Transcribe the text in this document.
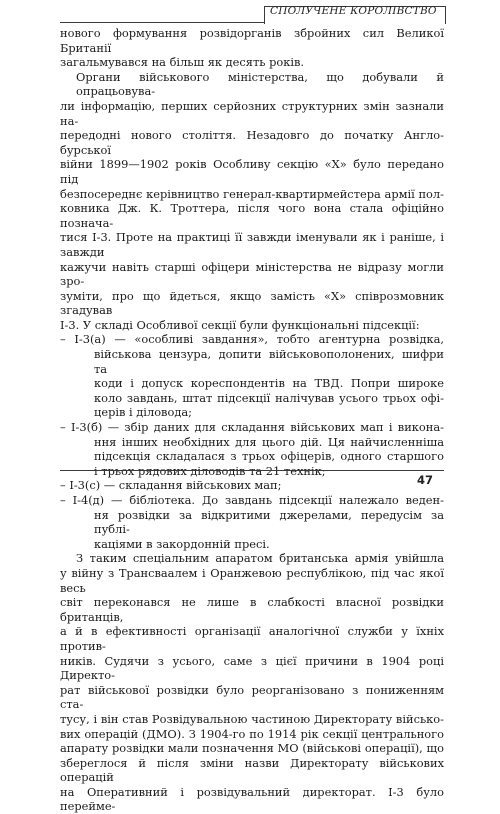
СПОЛУЧЕНЕ КОРОЛІВСТВО
нового формування розвідорганів збройних сил Великої Британії
загальмувався на більш як десять років.
Органи військового міністерства, що добували й опрацьовува-
ли інформацію, перших серйозних структурних змін зазнали на-
передодні нового століття. Незадовго до початку Англо-бурської
війни 1899—1902 років Особливу секцію «Х» було передано під
безпосереднє керівництво генерал-квартирмейстера армії пол-
ковника Дж. К. Троттера, після чого вона стала офіційно познача-
тися І-3. Проте на практиці її завжди іменували як і раніше, і завжди
кажучи навіть старші офіцери міністерства не відразу могли зро-
зуміти, про що йдеться, якщо замість «Х» співрозмовник згадував
І-3. У складі Особливої секції були функціональні підсекції:
– І-3(а) — «особливі завдання», тобто агентурна розвідка,
військова цензура, допити військовополонених, шифри та
коди і допуск кореспондентів на ТВД. Попри широке
коло завдань, штат підсекції налічував усього трьох офі-
церів і діловода;
– І-3(б) — збір даних для складання військових мап і викона-
ння інших необхідних для цього дій. Ця найчисленніша
підсекція складалася з трьох офіцерів, одного старшого
і трьох рядових діловодів та 21 технік;
– І-3(с) — складання військових мап;
– І-4(д) — бібліотека. До завдань підсекції належало веден-
ня розвідки за відкритими джерелами, передусім за публі-
каціями в закордонній пресі.
З таким спеціальним апаратом британська армія увійшла
у війну з Трансваалем і Оранжевою республікою, під час якої весь
світ переконався не лише в слабкості власної розвідки британців,
а й в ефективності організації аналогічної служби у їхніх против-
ників. Судячи з усього, саме з цієї причини в 1904 році Директо-
рат військової розвідки було реорганізовано з пониженням ста-
тусу, і він став Розвідувальною частиною Директорату військо-
вих операцій (ДМО). З 1904-го по 1914 рік секції центрального
апарату розвідки мали позначення МО (військові операції), що
збереглося й після зміни назви Директорату військових операцій
на Оперативний і розвідувальний директорат. І-3 було переймe-
47
